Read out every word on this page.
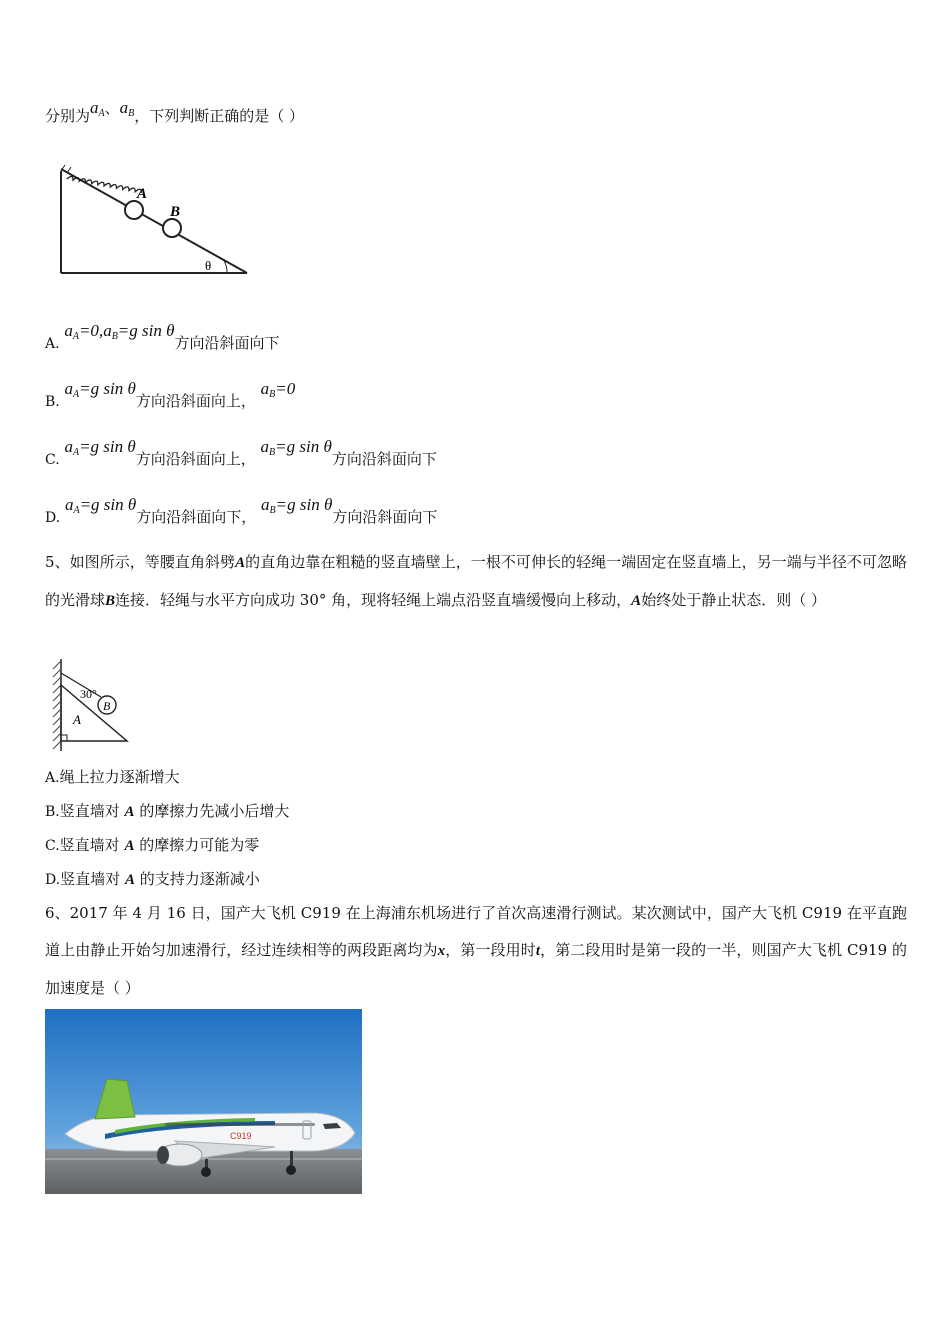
分别为$a_A$、$a_B$，下列判断正确的是（ ）
A
B
θ
A. $a_A=0,a_B=g$ sin θ方向沿斜面向下
B. $a_A=g$ sin θ方向沿斜面向上， $a_B=0$
C. $a_A=g$ sin θ方向沿斜面向上， $a_B=g$ sin θ方向沿斜面向下
D. $a_A=g$ sin θ方向沿斜面向下， $a_B=g$ sin θ方向沿斜面向下
5、如图所示，等腰直角斜劈A的直角边靠在粗糙的竖直墙壁上，一根不可伸长的轻绳一端固定在竖直墙上，另一端与半径不可忽略的光滑球B连接．轻绳与水平方向成功 30° 角，现将轻绳上端点沿竖直墙缓慢向上移动，A始终处于静止状态．则（ ）
30°
A
B
A.绳上拉力逐渐增大
B.竖直墙对 A 的摩擦力先减小后增大
C.竖直墙对 A 的摩擦力可能为零
D.竖直墙对 A 的支持力逐渐减小
6、2017 年 4 月 16 日，国产大飞机 C919 在上海浦东机场进行了首次高速滑行测试。某次测试中，国产大飞机 C919 在平直跑道上由静止开始匀加速滑行，经过连续相等的两段距离均为x，第一段用时t，第二段用时是第一段的一半，则国产大飞机 C919 的加速度是（ ）
C919
